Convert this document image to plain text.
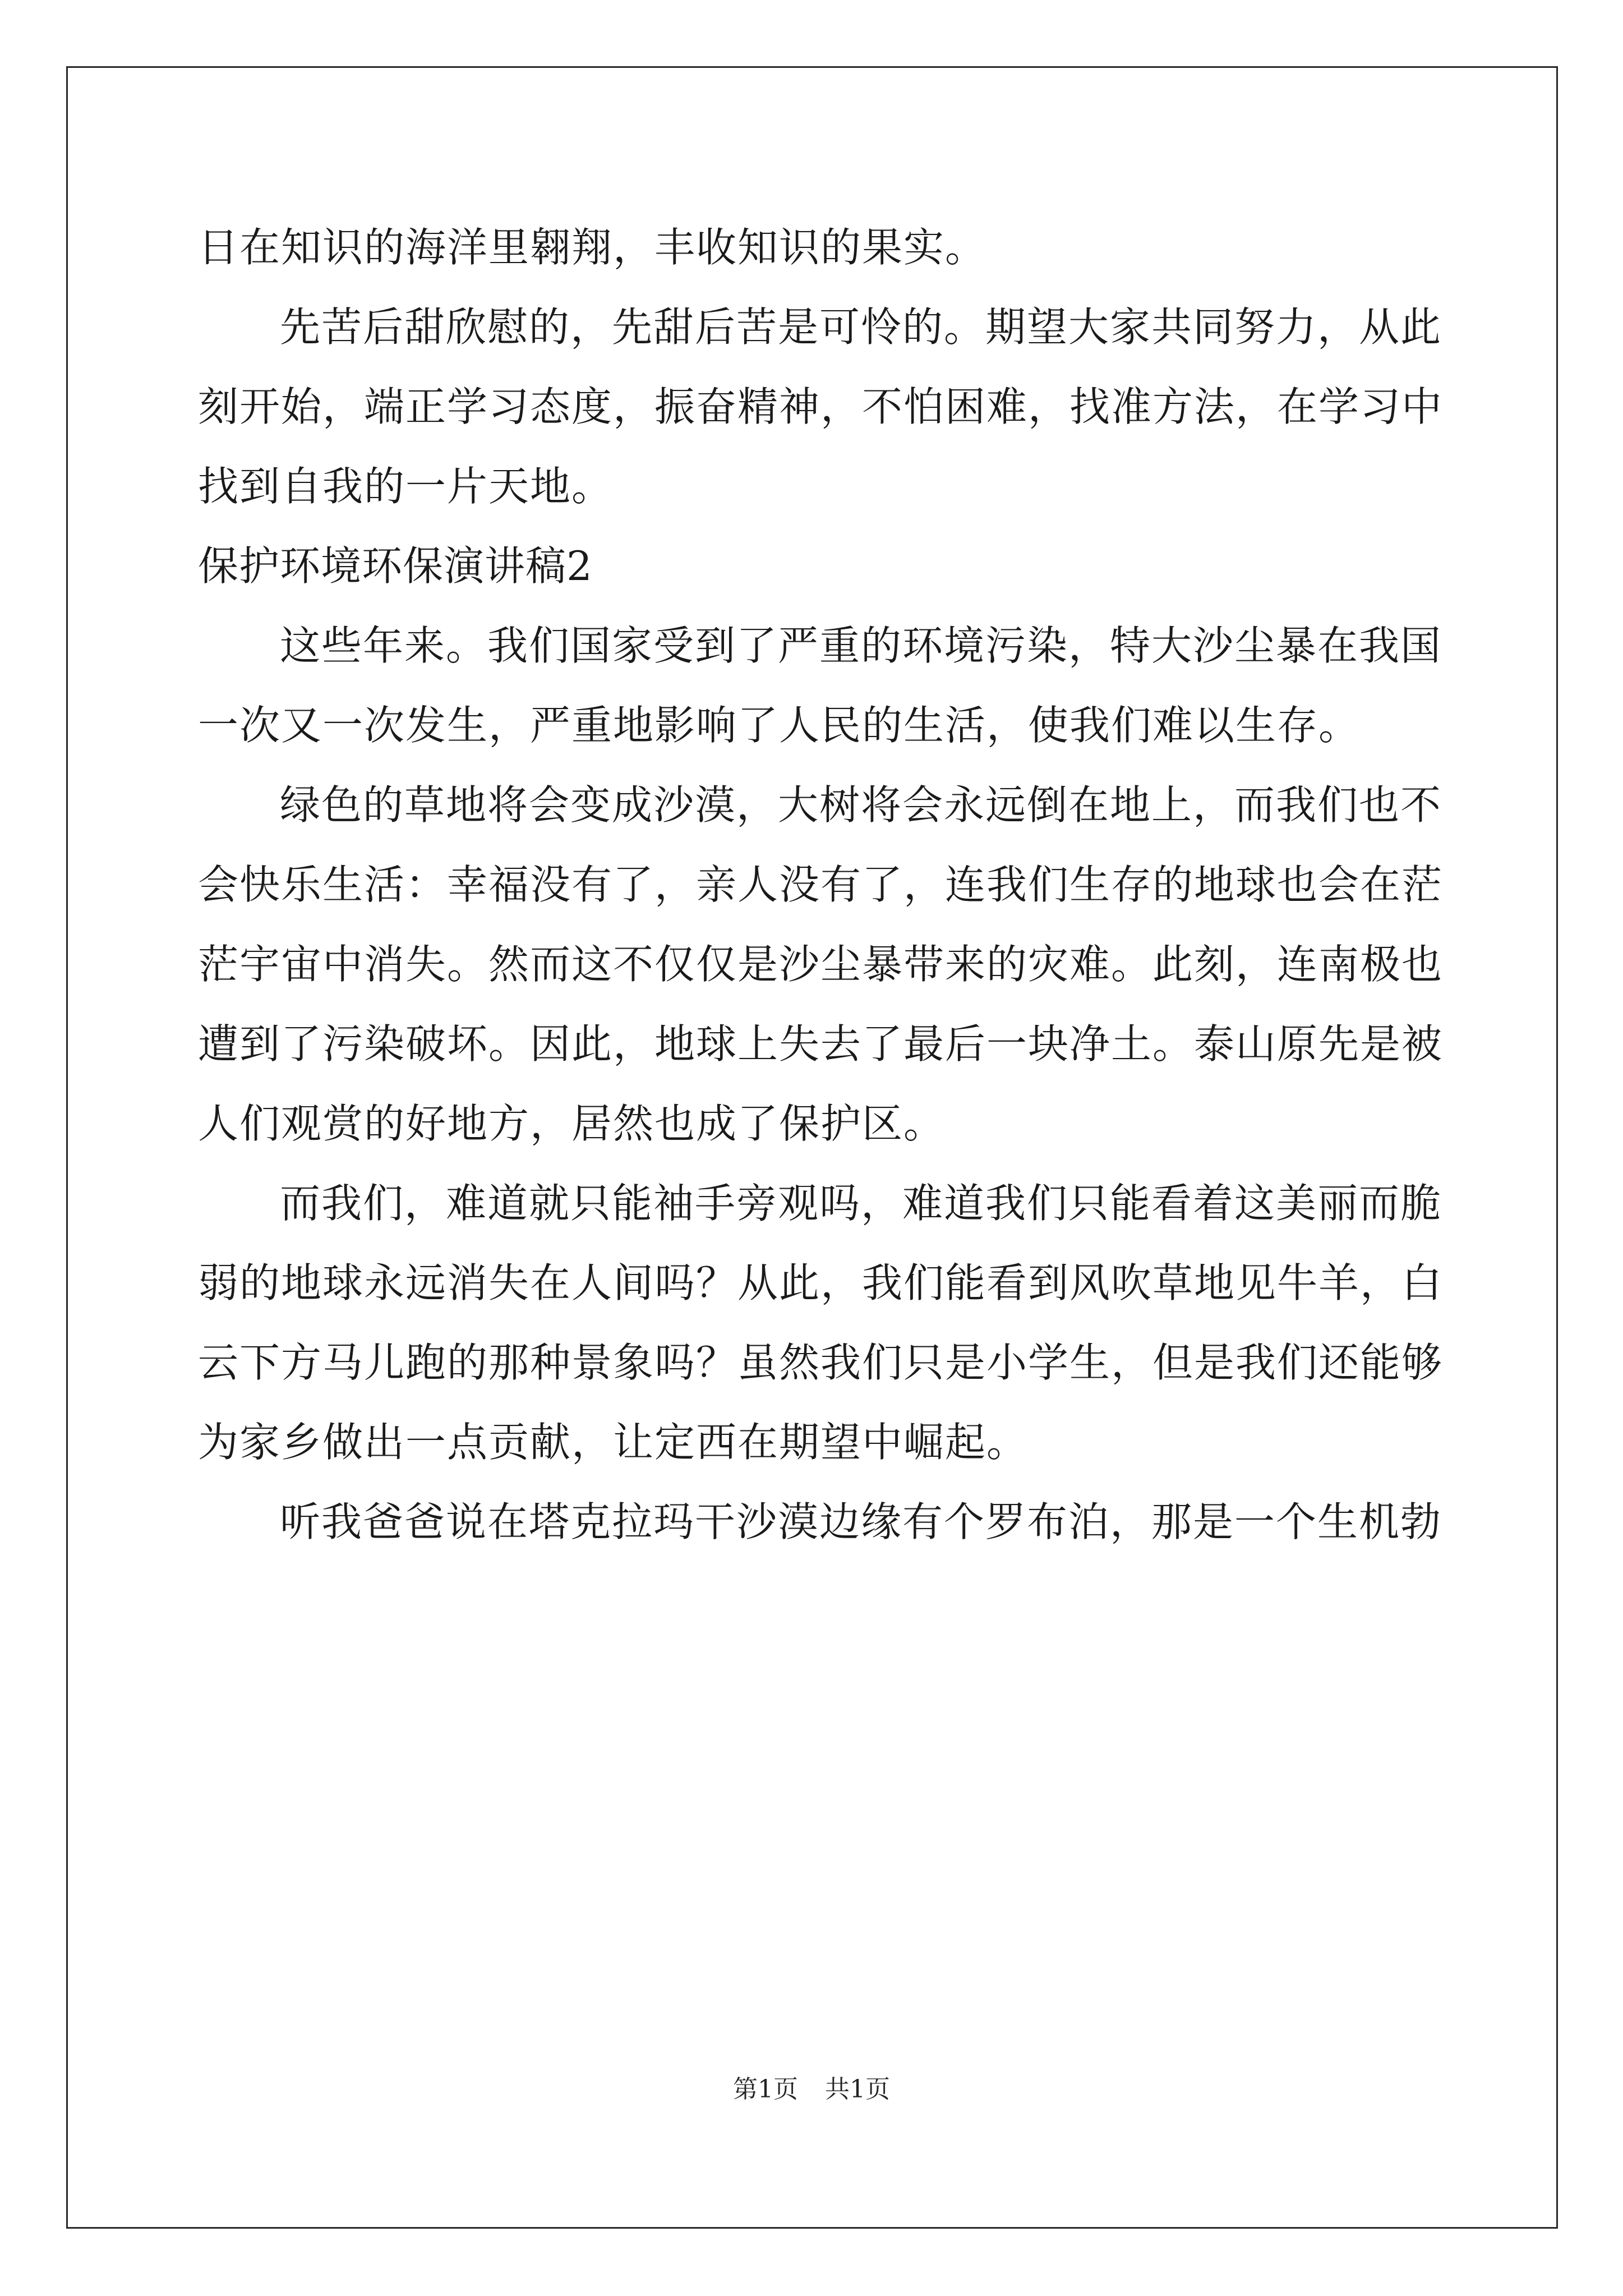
日在知识的海洋里翱翔，丰收知识的果实。
先苦后甜欣慰的，先甜后苦是可怜的。期望大家共同努力，从此
刻开始，端正学习态度，振奋精神，不怕困难，找准方法，在学习中
找到自我的一片天地。
保护环境环保演讲稿2
这些年来。我们国家受到了严重的环境污染，特大沙尘暴在我国
一次又一次发生，严重地影响了人民的生活，使我们难以生存。
绿色的草地将会变成沙漠，大树将会永远倒在地上，而我们也不
会快乐生活：幸福没有了，亲人没有了，连我们生存的地球也会在茫
茫宇宙中消失。然而这不仅仅是沙尘暴带来的灾难。此刻，连南极也
遭到了污染破坏。因此，地球上失去了最后一块净土。泰山原先是被
人们观赏的好地方，居然也成了保护区。
而我们，难道就只能袖手旁观吗，难道我们只能看着这美丽而脆
弱的地球永远消失在人间吗？从此，我们能看到风吹草地见牛羊，白
云下方马儿跑的那种景象吗？虽然我们只是小学生，但是我们还能够
为家乡做出一点贡献，让定西在期望中崛起。
听我爸爸说在塔克拉玛干沙漠边缘有个罗布泊，那是一个生机勃
第1页 共1页
